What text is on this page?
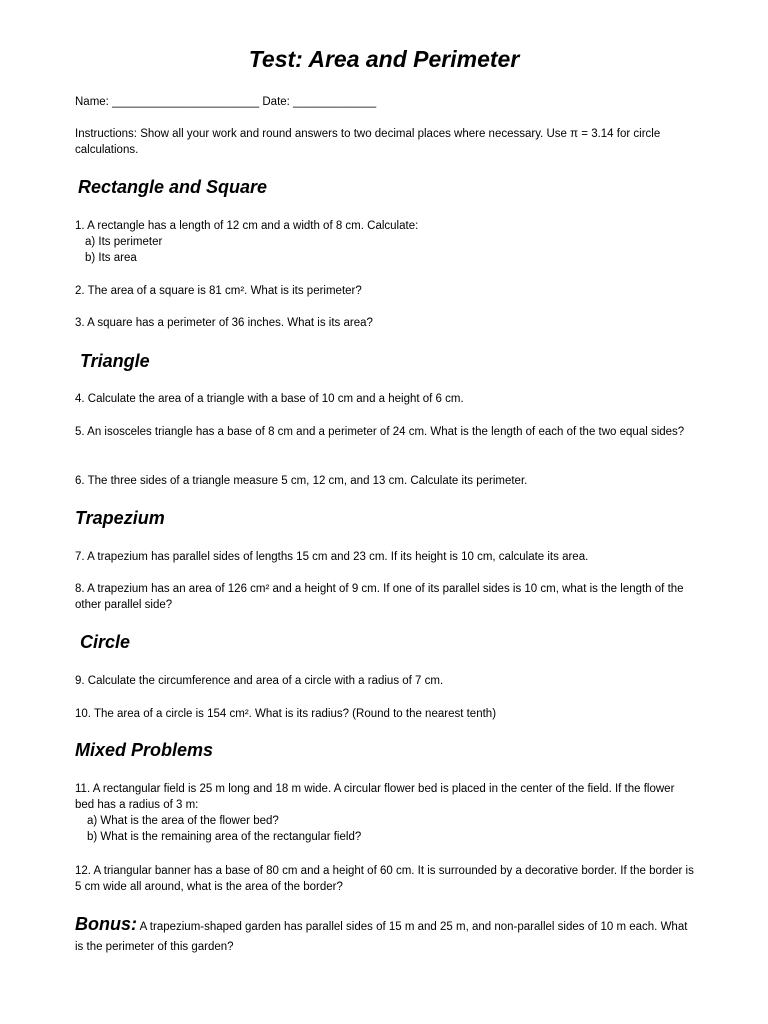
Test: Area and Perimeter
Name: _______________________ Date: _____________
Instructions: Show all your work and round answers to two decimal places where necessary. Use π = 3.14 for circle calculations.
Rectangle and Square
1. A rectangle has a length of 12 cm and a width of 8 cm. Calculate:
a) Its perimeter
b) Its area
2. The area of a square is 81 cm². What is its perimeter?
3. A square has a perimeter of 36 inches. What is its area?
Triangle
4. Calculate the area of a triangle with a base of 10 cm and a height of 6 cm.
5. An isosceles triangle has a base of 8 cm and a perimeter of 24 cm. What is the length of each of the two equal sides?
6. The three sides of a triangle measure 5 cm, 12 cm, and 13 cm. Calculate its perimeter.
Trapezium
7. A trapezium has parallel sides of lengths 15 cm and 23 cm. If its height is 10 cm, calculate its area.
8. A trapezium has an area of 126 cm² and a height of 9 cm. If one of its parallel sides is 10 cm, what is the length of the other parallel side?
Circle
9. Calculate the circumference and area of a circle with a radius of 7 cm.
10. The area of a circle is 154 cm². What is its radius? (Round to the nearest tenth)
Mixed Problems
11. A rectangular field is 25 m long and 18 m wide. A circular flower bed is placed in the center of the field. If the flower bed has a radius of 3 m:
a) What is the area of the flower bed?
b) What is the remaining area of the rectangular field?
12. A triangular banner has a base of 80 cm and a height of 60 cm. It is surrounded by a decorative border. If the border is 5 cm wide all around, what is the area of the border?
Bonus: A trapezium-shaped garden has parallel sides of 15 m and 25 m, and non-parallel sides of 10 m each. What is the perimeter of this garden?
